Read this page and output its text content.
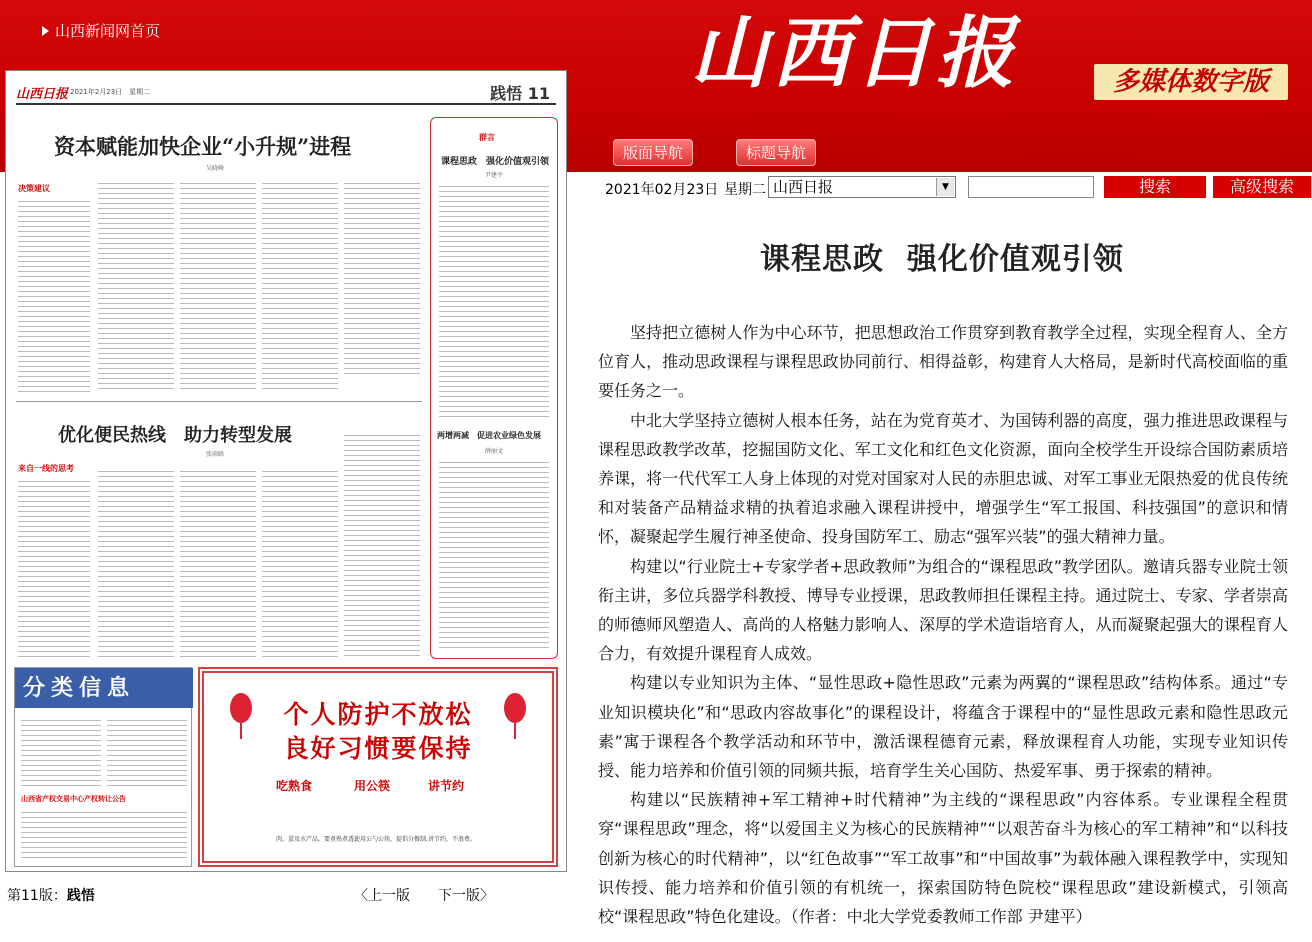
山西新闻网首页	山西日报	多媒体数字版
版面导航	标题导航
山西日报 2021年2月23日　星期二	践悟 11
资本赋能加快企业“小升规”进程
吴晓峰
决策建议
优化便民热线　助力转型发展
张雨晗
来自一线的思考
群言
课程思政　强化价值观引领
尹建平
两增两减　促进农业绿色发展
薛丽文
分类信息
山西省产权交易中心产权转让公告
个人防护不放松
良好习惯要保持
吃熟食
肉、蛋及水产品，要煮熟煮透。
用公筷
使用公勺公筷，提倡分餐制。
讲节约
讲节约，不浪费。
第11版：践悟	〈上一版 下一版〉
2021年02月23日 星期二 山西日报	▼	搜索	高级搜索
课程思政  强化价值观引领

坚持把立德树人作为中心环节，把思想政治工作贯穿到教育教学全过程，实现全程育人、全方位育人，推动思政课程与课程思政协同前行、相得益彰，构建育人大格局，是新时代高校面临的重要任务之一。

中北大学坚持立德树人根本任务，站在为党育英才、为国铸利器的高度，强力推进思政课程与课程思政教学改革，挖掘国防文化、军工文化和红色文化资源，面向全校学生开设综合国防素质培养课，将一代代军工人身上体现的对党对国家对人民的赤胆忠诚、对军工事业无限热爱的优良传统和对装备产品精益求精的执着追求融入课程讲授中，增强学生“军工报国、科技强国”的意识和情怀，凝聚起学生履行神圣使命、投身国防军工、励志“强军兴装”的强大精神力量。

构建以“行业院士+专家学者+思政教师”为组合的“课程思政”教学团队。邀请兵器专业院士领衔主讲，多位兵器学科教授、博导专业授课，思政教师担任课程主持。通过院士、专家、学者崇高的师德师风塑造人、高尚的人格魅力影响人、深厚的学术造诣培育人，从而凝聚起强大的课程育人合力，有效提升课程育人成效。

构建以专业知识为主体、“显性思政+隐性思政”元素为两翼的“课程思政”结构体系。通过“专业知识模块化”和“思政内容故事化”的课程设计，将蕴含于课程中的“显性思政元素和隐性思政元素”寓于课程各个教学活动和环节中，激活课程德育元素，释放课程育人功能，实现专业知识传授、能力培养和价值引领的同频共振，培育学生关心国防、热爱军事、勇于探索的精神。

构建以“民族精神+军工精神+时代精神”为主线的“课程思政”内容体系。专业课程全程贯穿“课程思政”理念，将“以爱国主义为核心的民族精神”“以艰苦奋斗为核心的军工精神”和“以科技创新为核心的时代精神”，以“红色故事”“军工故事”和“中国故事”为载体融入课程教学中，实现知识传授、能力培养和价值引领的有机统一，探索国防特色院校“课程思政”建设新模式，引领高校“课程思政”特色化建设。（作者：中北大学党委教师工作部 尹建平）
